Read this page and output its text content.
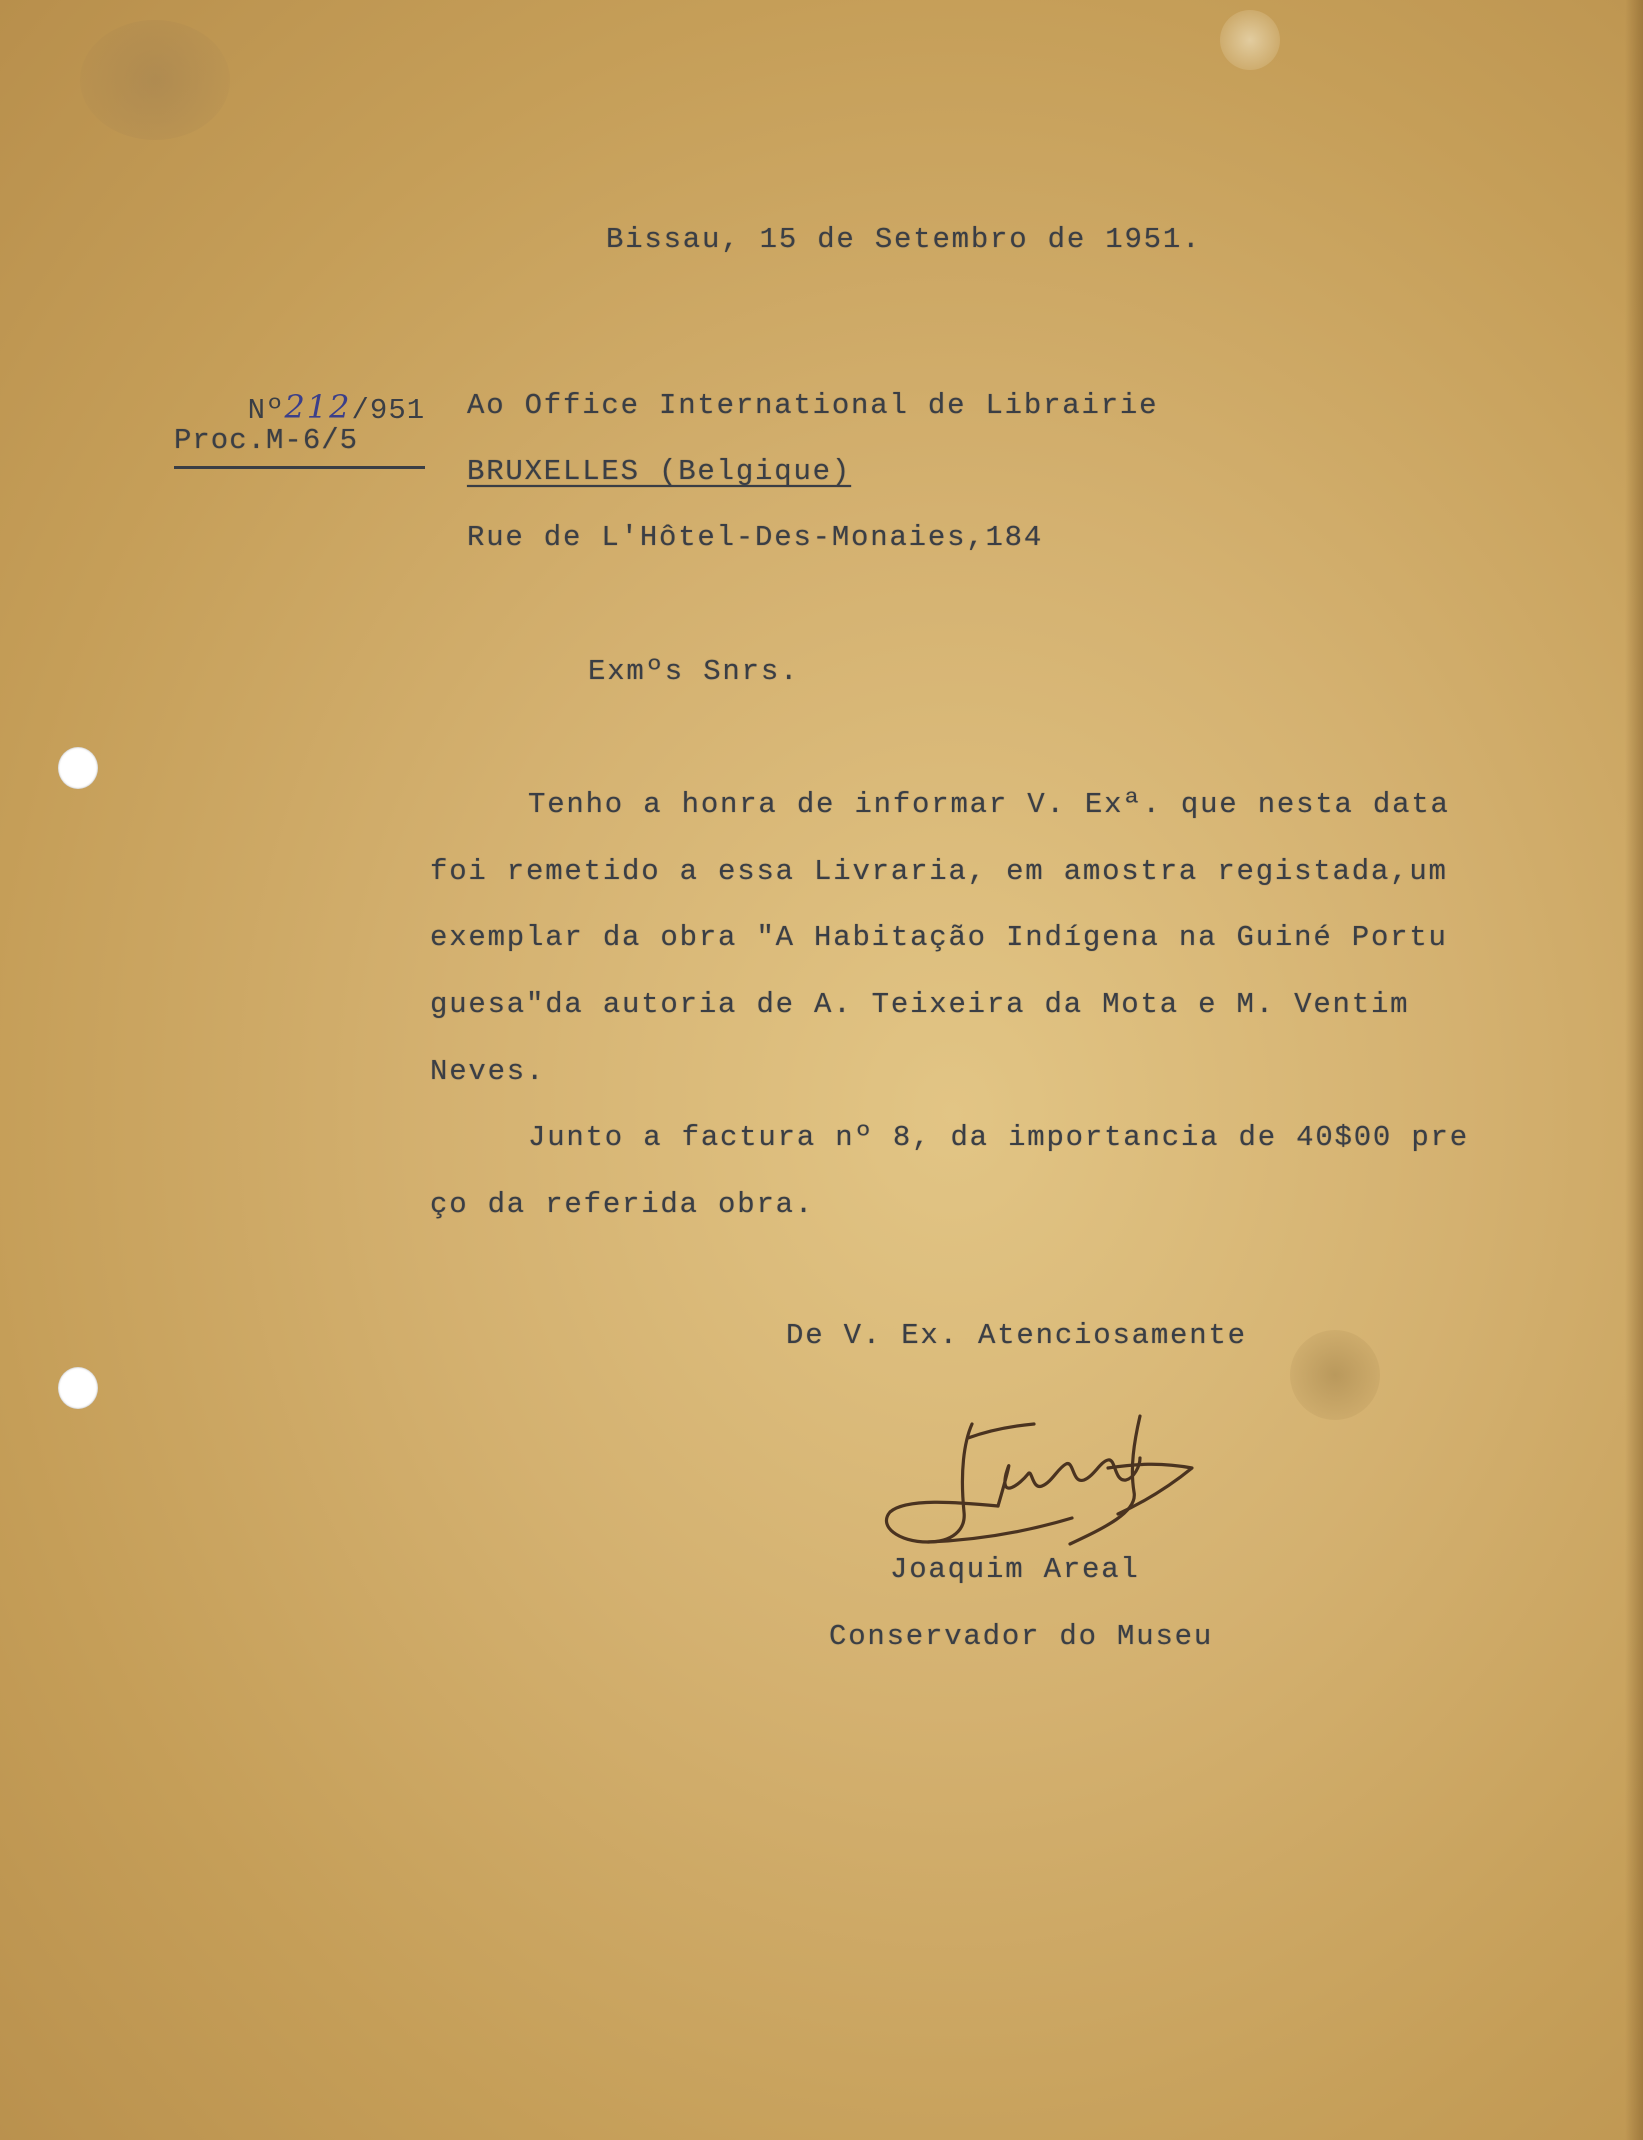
Bissau, 15 de Setembro de 1951.

Nº212/951

Proc.M-6/5
Ao Office International de Librairie
BRUXELLES (Belgique)
Rue de L'Hôtel-Des-Monaies,184
Exmºs Snrs.
Tenho a honra de informar V. Exª. que nesta data
foi remetido a essa Livraria, em amostra registada,um
exemplar da obra "A Habitação Indígena na Guiné Portu
guesa"da autoria de A. Teixeira da Mota e M. Ventim
Neves.
Junto a factura nº 8, da importancia de 40$00 pre
ço da referida obra.
De V. Ex. Atenciosamente
Joaquim Areal
Conservador do Museu
